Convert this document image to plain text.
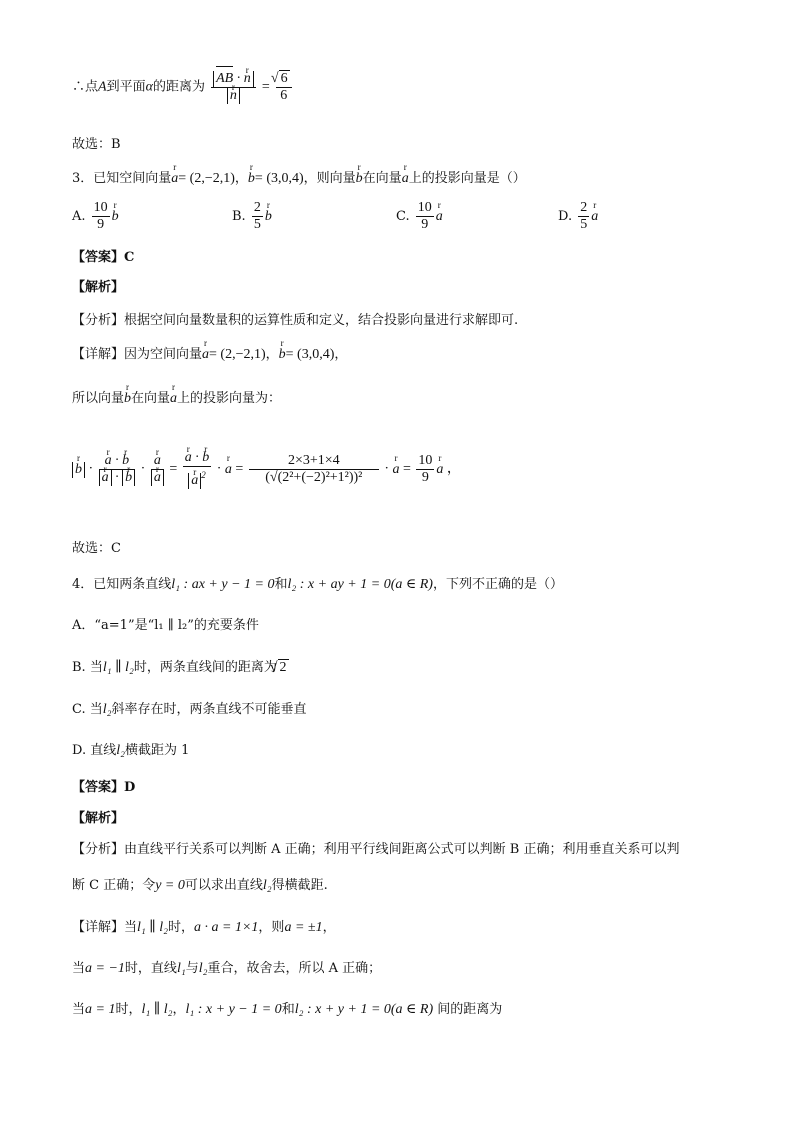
∴点A到平面α的距离为 AB · r n
r n = √ $\frac{6}{6}$
故选：B
3．已知空间向量r a= (2,−2,1)，r b= (3,0,4)，则向量r b在向量r a上的投影向量是（）
A. $\frac{10}{9}$ r b	B. $\frac{2}{5}$ r b	C. $\frac{10}{9}$ r a	D. $\frac{2}{5}$ r a
【答案】C
【解析】
【分析】根据空间向量数量积的运算性质和定义，结合投影向量进行求解即可.
【详解】因为空间向量r a= (2,−2,1)，r b= (3,0,4)，
所以向量r b在向量r a上的投影向量为：
r b · r a · r b
r a · r b · r a
r a = r a · r b
r a $^2$ · r $a = \frac{2\times 3+1\times 4}{\text{(√(2²+(−2)²+1²))²}} \cdot r$ $a = \frac{10}{9}$ r a ，
故选：C
4．已知两条直线l₁ : ax + y − 1 = 0和l₂ : x + ay + 1 = 0(a ∈ R)，下列不正确的是（）
A．“a=1”是“l₁ ∥ l₂”的充要条件
B. 当l₁ ∥ l₂时，两条直线间的距离为 √ 2
C. 当l₂斜率存在时，两条直线不可能垂直
D. 直线l₂横截距为 1
【答案】D
【解析】
【分析】由直线平行关系可以判断 A 正确；利用平行线间距离公式可以判断 B 正确；利用垂直关系可以判
断 C 正确；令y = 0可以求出直线l₂得横截距.
【详解】当l₁ ∥ l₂时，a · a = 1×1，则a = ±1，
当a = −1时，直线l₁与l₂重合，故舍去，所以 A 正确；
当a = 1时，l₁ ∥ l₂，l₁ : x + y − 1 = 0和l₂ : x + y + 1 = 0(a ∈ R) 间的距离为
